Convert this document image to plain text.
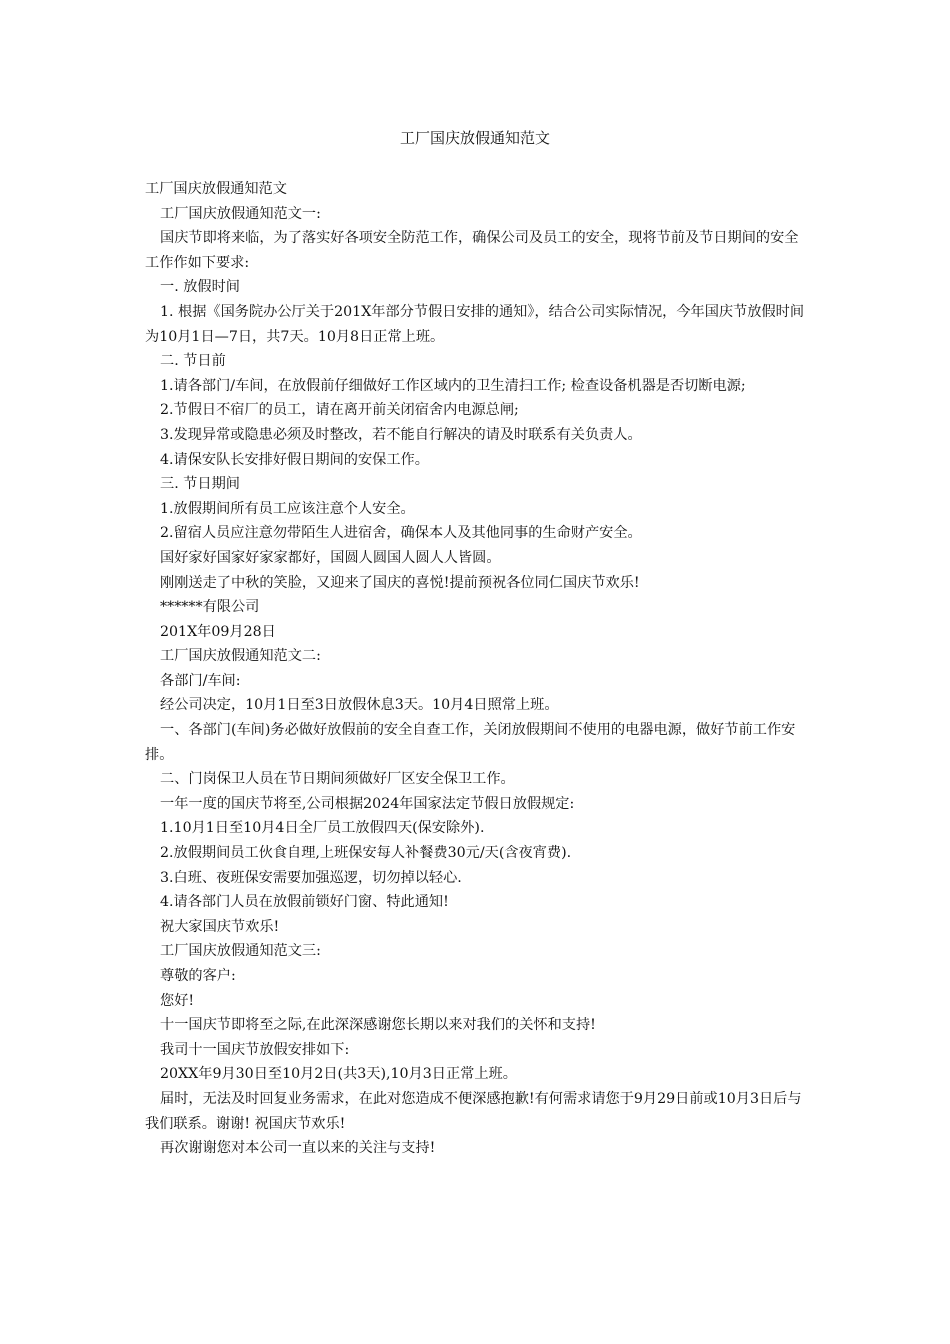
工厂国庆放假通知范文

工厂国庆放假通知范文

工厂国庆放假通知范文一:

国庆节即将来临，为了落实好各项安全防范工作，确保公司及员工的安全，现将节前及节日期间的安全工作作如下要求:

一. 放假时间

1. 根据《国务院办公厅关于201X年部分节假日安排的通知》，结合公司实际情况，今年国庆节放假时间为10月1日—7日，共7天。10月8日正常上班。

二. 节日前

1.请各部门/车间，在放假前仔细做好工作区域内的卫生清扫工作; 检查设备机器是否切断电源;

2.节假日不宿厂的员工，请在离开前关闭宿舍内电源总闸;

3.发现异常或隐患必须及时整改，若不能自行解决的请及时联系有关负责人。

4.请保安队长安排好假日期间的安保工作。

三. 节日期间

1.放假期间所有员工应该注意个人安全。

2.留宿人员应注意勿带陌生人进宿舍，确保本人及其他同事的生命财产安全。

国好家好国家好家家都好，国圆人圆国人圆人人皆圆。

刚刚送走了中秋的笑脸，又迎来了国庆的喜悦!提前预祝各位同仁国庆节欢乐!

******有限公司

201X年09月28日

工厂国庆放假通知范文二:

各部门/车间:

经公司决定，10月1日至3日放假休息3天。10月4日照常上班。

一、各部门(车间)务必做好放假前的安全自查工作，关闭放假期间不使用的电器电源，做好节前工作安排。

二、门岗保卫人员在节日期间须做好厂区安全保卫工作。

一年一度的国庆节将至,公司根据2024年国家法定节假日放假规定:

1.10月1日至10月4日全厂员工放假四天(保安除外).

2.放假期间员工伙食自理,上班保安每人补餐费30元/天(含夜宵费).

3.白班、夜班保安需要加强巡逻，切勿掉以轻心.

4.请各部门人员在放假前锁好门窗、特此通知!

祝大家国庆节欢乐!

工厂国庆放假通知范文三:

尊敬的客户:

您好!

十一国庆节即将至之际,在此深深感谢您长期以来对我们的关怀和支持!

我司十一国庆节放假安排如下:

20XX年9月30日至10月2日(共3天),10月3日正常上班。

届时，无法及时回复业务需求，在此对您造成不便深感抱歉!有何需求请您于9月29日前或10月3日后与我们联系。谢谢! 祝国庆节欢乐!

再次谢谢您对本公司一直以来的关注与支持!
